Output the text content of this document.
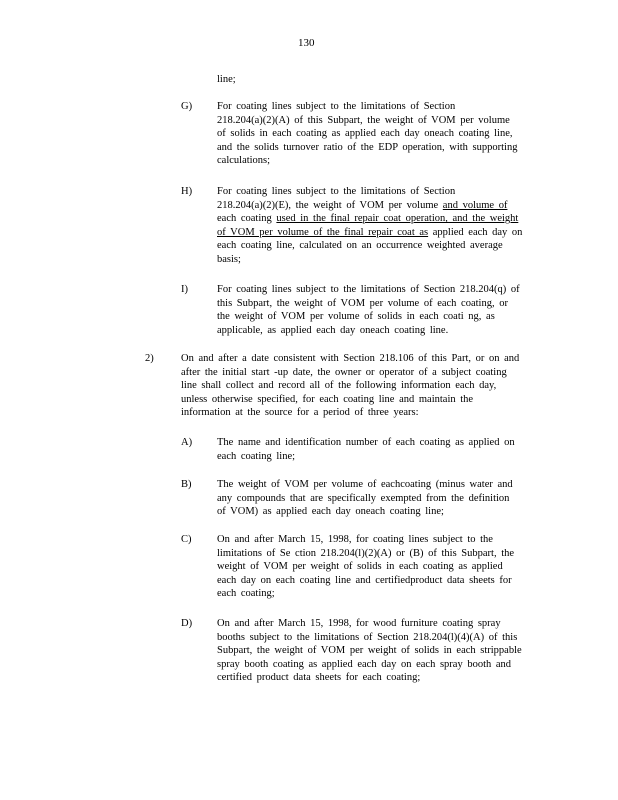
130
line;
G) For coating lines subject to the limitations of Section
218.204(a)(2)(A) of this Subpart, the weight of VOM per volume
of solids in each coating as applied each day oneach coating line,
and the solids turnover ratio of the EDP operation, with supporting
calculations;
H) For coating lines subject to the limitations of Section
218.204(a)(2)(E), the weight of VOM per volume and volume of
each coating used in the final repair coat operation, and the weight
of VOM per volume of the final repair coat as applied each day on
each coating line, calculated on an occurrence weighted average
basis;
I)	For coating lines subject to the limitations of Section 218.204(q) of
this Subpart, the weight of VOM per volume of each coating, or
the weight of VOM per volume of solids in each coati ng, as
applicable, as applied each day oneach coating line.
2)	On and after a date consistent with Section 218.106 of this Part, or on and
after the initial start -up date, the owner or operator of a subject coating
line shall collect and record all of the following information each day,
unless otherwise specified, for each coating line and maintain the
information at the source for a period of three years:
A) The name and identification number of each coating as applied on
each coating line;
B) The weight of VOM per volume of eachcoating (minus water and
any compounds that are specifically exempted from the definition
of VOM) as applied each day oneach coating line;
C) On and after March 15, 1998, for coating lines subject to the
limitations of Se ction 218.204(l)(2)(A) or (B) of this Subpart, the
weight of VOM per weight of solids in each coating as applied
each day on each coating line and certifiedproduct data sheets for
each coating;
D) On and after March 15, 1998, for wood furniture coating spray
booths subject to the limitations of Section 218.204(l)(4)(A) of this
Subpart, the weight of VOM per weight of solids in each strippable
spray booth coating as applied each day on each spray booth and
certified product data sheets for each coating;
